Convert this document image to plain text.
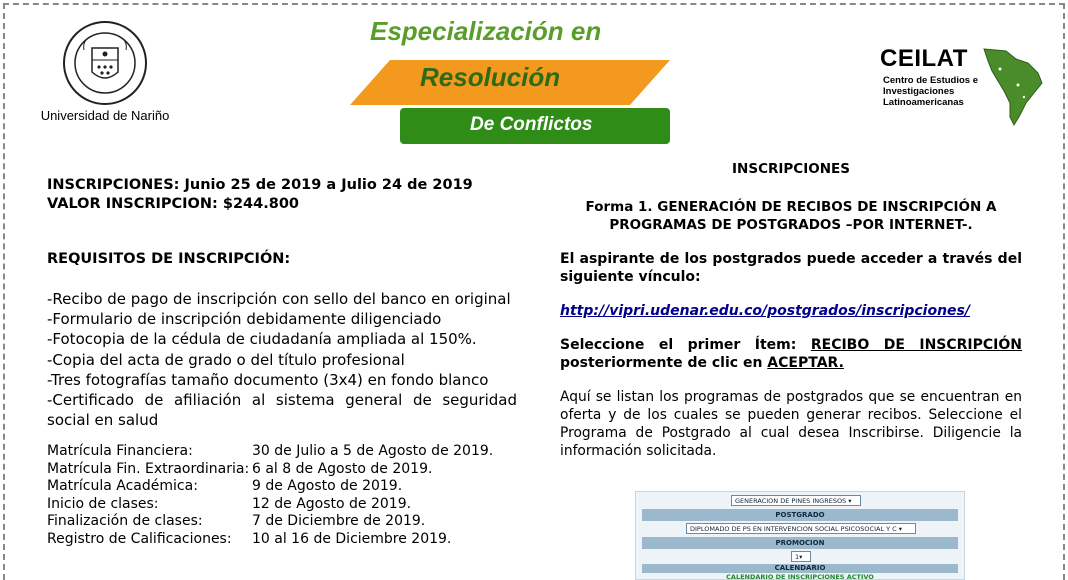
Universidad de Nariño
Especialización en
Resolución
De Conflictos
CEILAT
Centro de Estudios e Investigaciones Latinoamericanas
INSCRIPCIONES: Junio 25 de 2019 a Julio 24 de 2019
VALOR INSCRIPCION: $244.800
REQUISITOS DE INSCRIPCIÓN:
-Recibo de pago de inscripción con sello del banco en original
-Formulario de inscripción debidamente diligenciado
-Fotocopia de la cédula de ciudadanía ampliada al 150%.
-Copia del acta de grado o del título profesional
-Tres fotografías tamaño documento (3x4) en fondo blanco
-Certificado de afiliación al sistema general de seguridad social en salud
Matrícula Financiera:	30 de Julio a 5 de Agosto de 2019.
Matrícula Fin. Extraordinaria: 6 al 8 de Agosto de 2019.
Matrícula Académica:	9 de Agosto de 2019.
Inicio de clases:	12 de Agosto de 2019.
Finalización de clases:	7 de Diciembre de 2019.
Registro de Calificaciones:	10 al 16 de Diciembre 2019.
INSCRIPCIONES
Forma 1. GENERACIÓN DE RECIBOS DE INSCRIPCIÓN A PROGRAMAS DE POSTGRADOS –POR INTERNET-.
El aspirante de los postgrados puede acceder a través del siguiente vínculo:
http://vipri.udenar.edu.co/postgrados/inscripciones/
Seleccione el primer Ítem: RECIBO DE INSCRIPCIÓN posteriormente de clic en ACEPTAR.
Aquí se listan los programas de postgrados que se encuentran en oferta y de los cuales se pueden generar recibos. Seleccione el Programa de Postgrado al cual desea Inscribirse. Diligencie la información solicitada.
GENERACION DE PINES INGRESOS ▾
POSTGRADO
DIPLOMADO DE PS EN INTERVENCION SOCIAL PSICOSOCIAL Y C ▾
PROMOCION
1▾
CALENDARIO
CALENDARIO DE INSCRIPCIONES ACTIVO
